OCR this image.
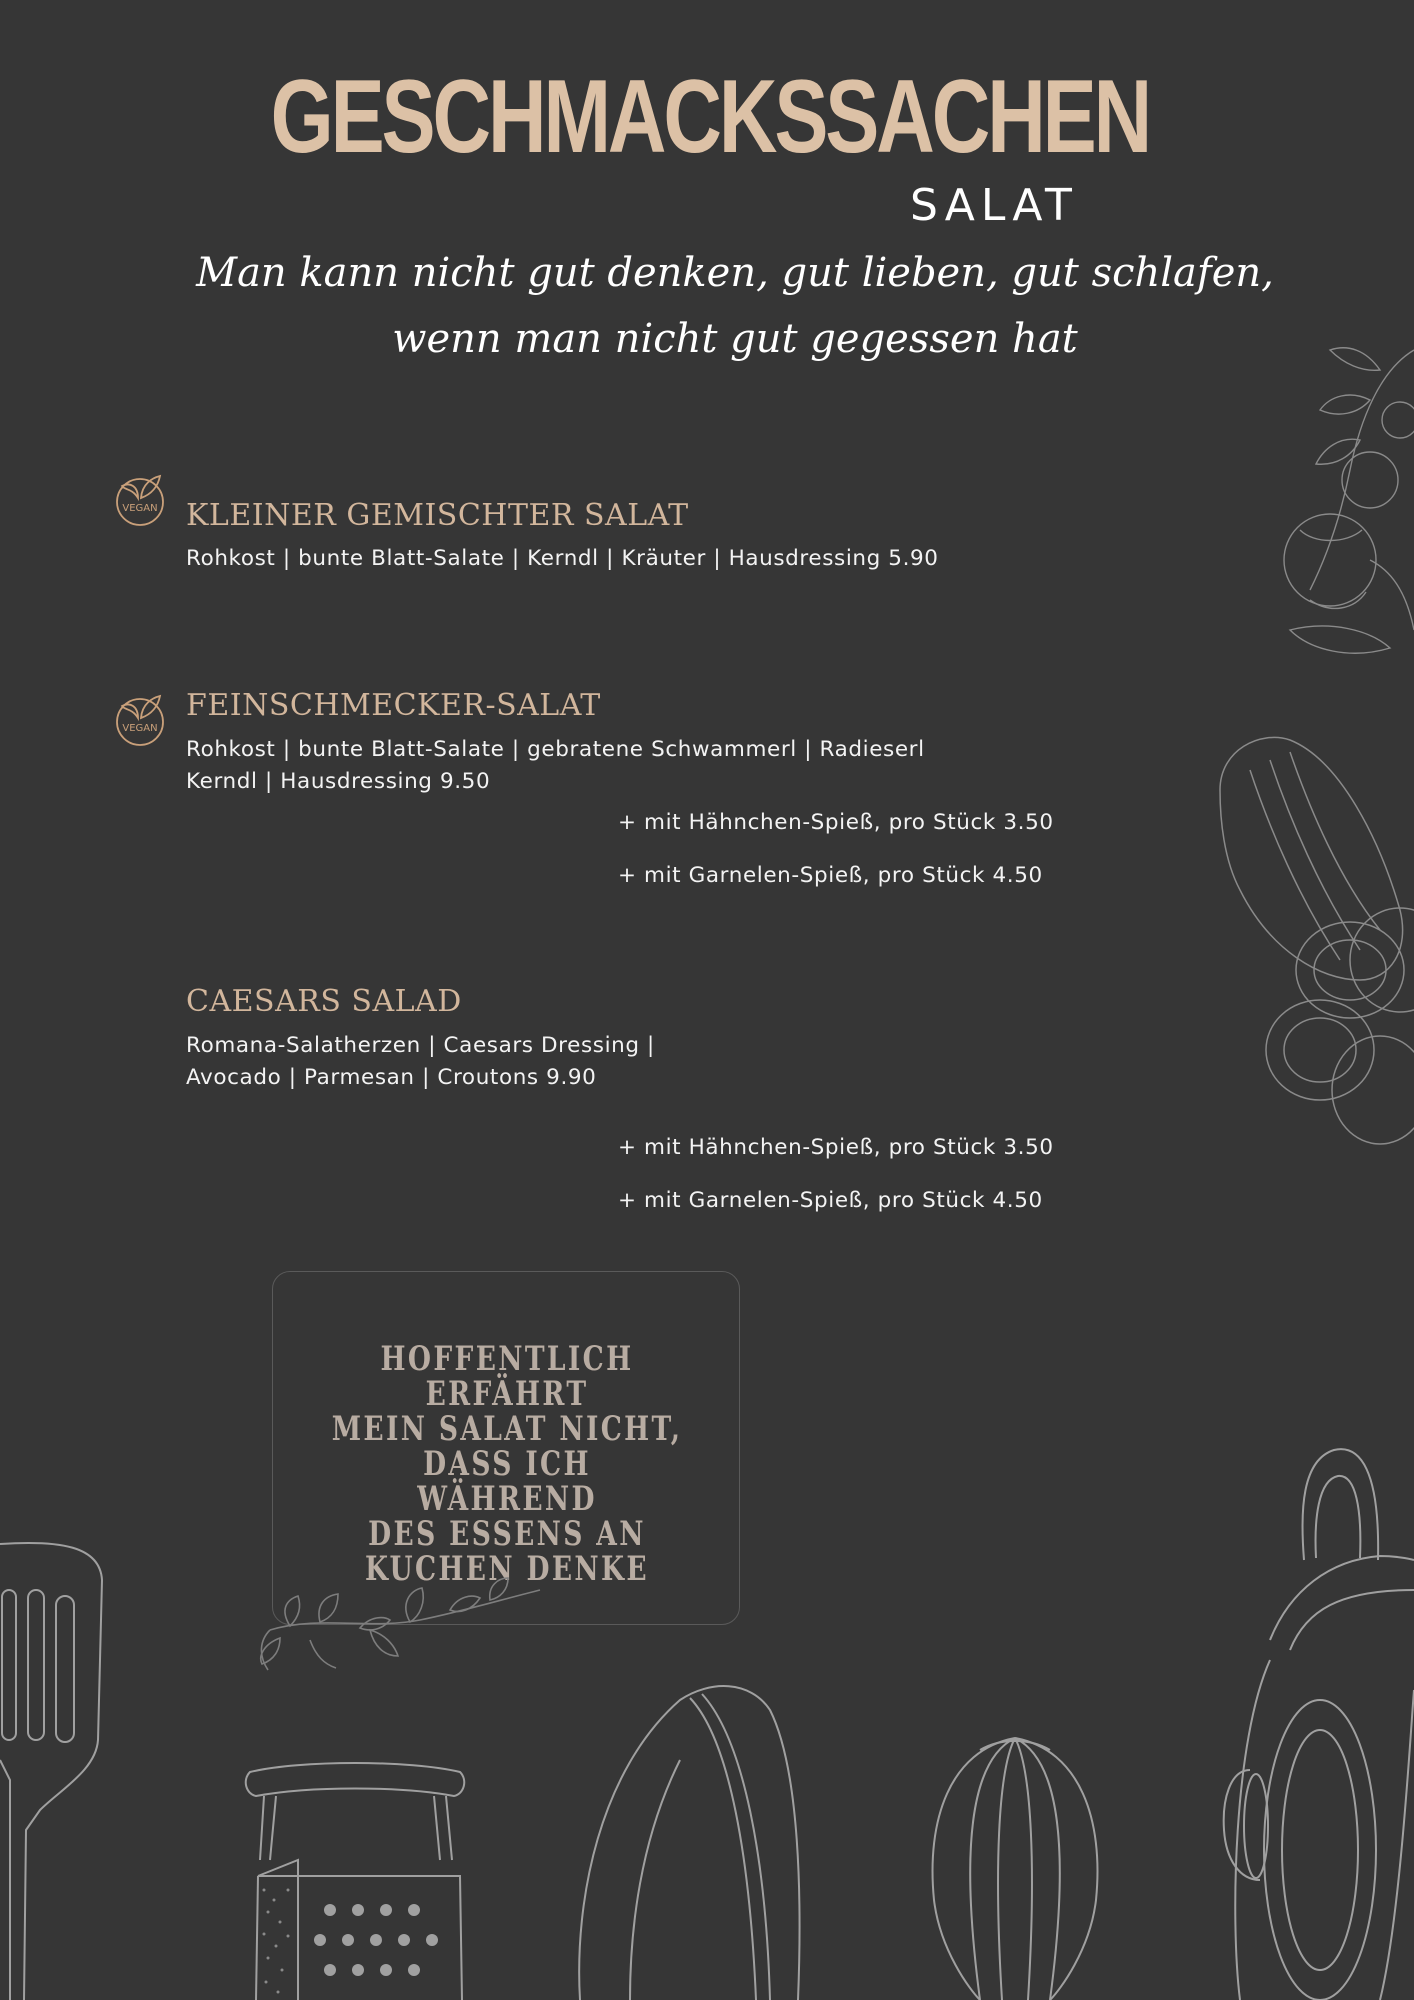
GESCHMACKSSACHEN
SALAT
Man kann nicht gut denken, gut lieben, gut schlafen,
wenn man nicht gut gegessen hat
VEGAN KLEINER GEMISCHTER SALAT
Rohkost | bunte Blatt-Salate | Kerndl | Kräuter | Hausdressing 5.90
VEGAN
FEINSCHMECKER-SALAT
Rohkost | bunte Blatt-Salate | gebratene Schwammerl | Radieserl
Kerndl | Hausdressing 9.50
+ mit Hähnchen-Spieß, pro Stück 3.50
+ mit Garnelen-Spieß, pro Stück 4.50
CAESARS SALAD
Romana-Salatherzen | Caesars Dressing |
Avocado | Parmesan | Croutons 9.90
+ mit Hähnchen-Spieß, pro Stück 3.50
+ mit Garnelen-Spieß, pro Stück 4.50
HOFFENTLICH ERFÄHRT
MEIN SALAT NICHT,
DASS ICH WÄHREND
DES ESSENS AN
KUCHEN DENKE
